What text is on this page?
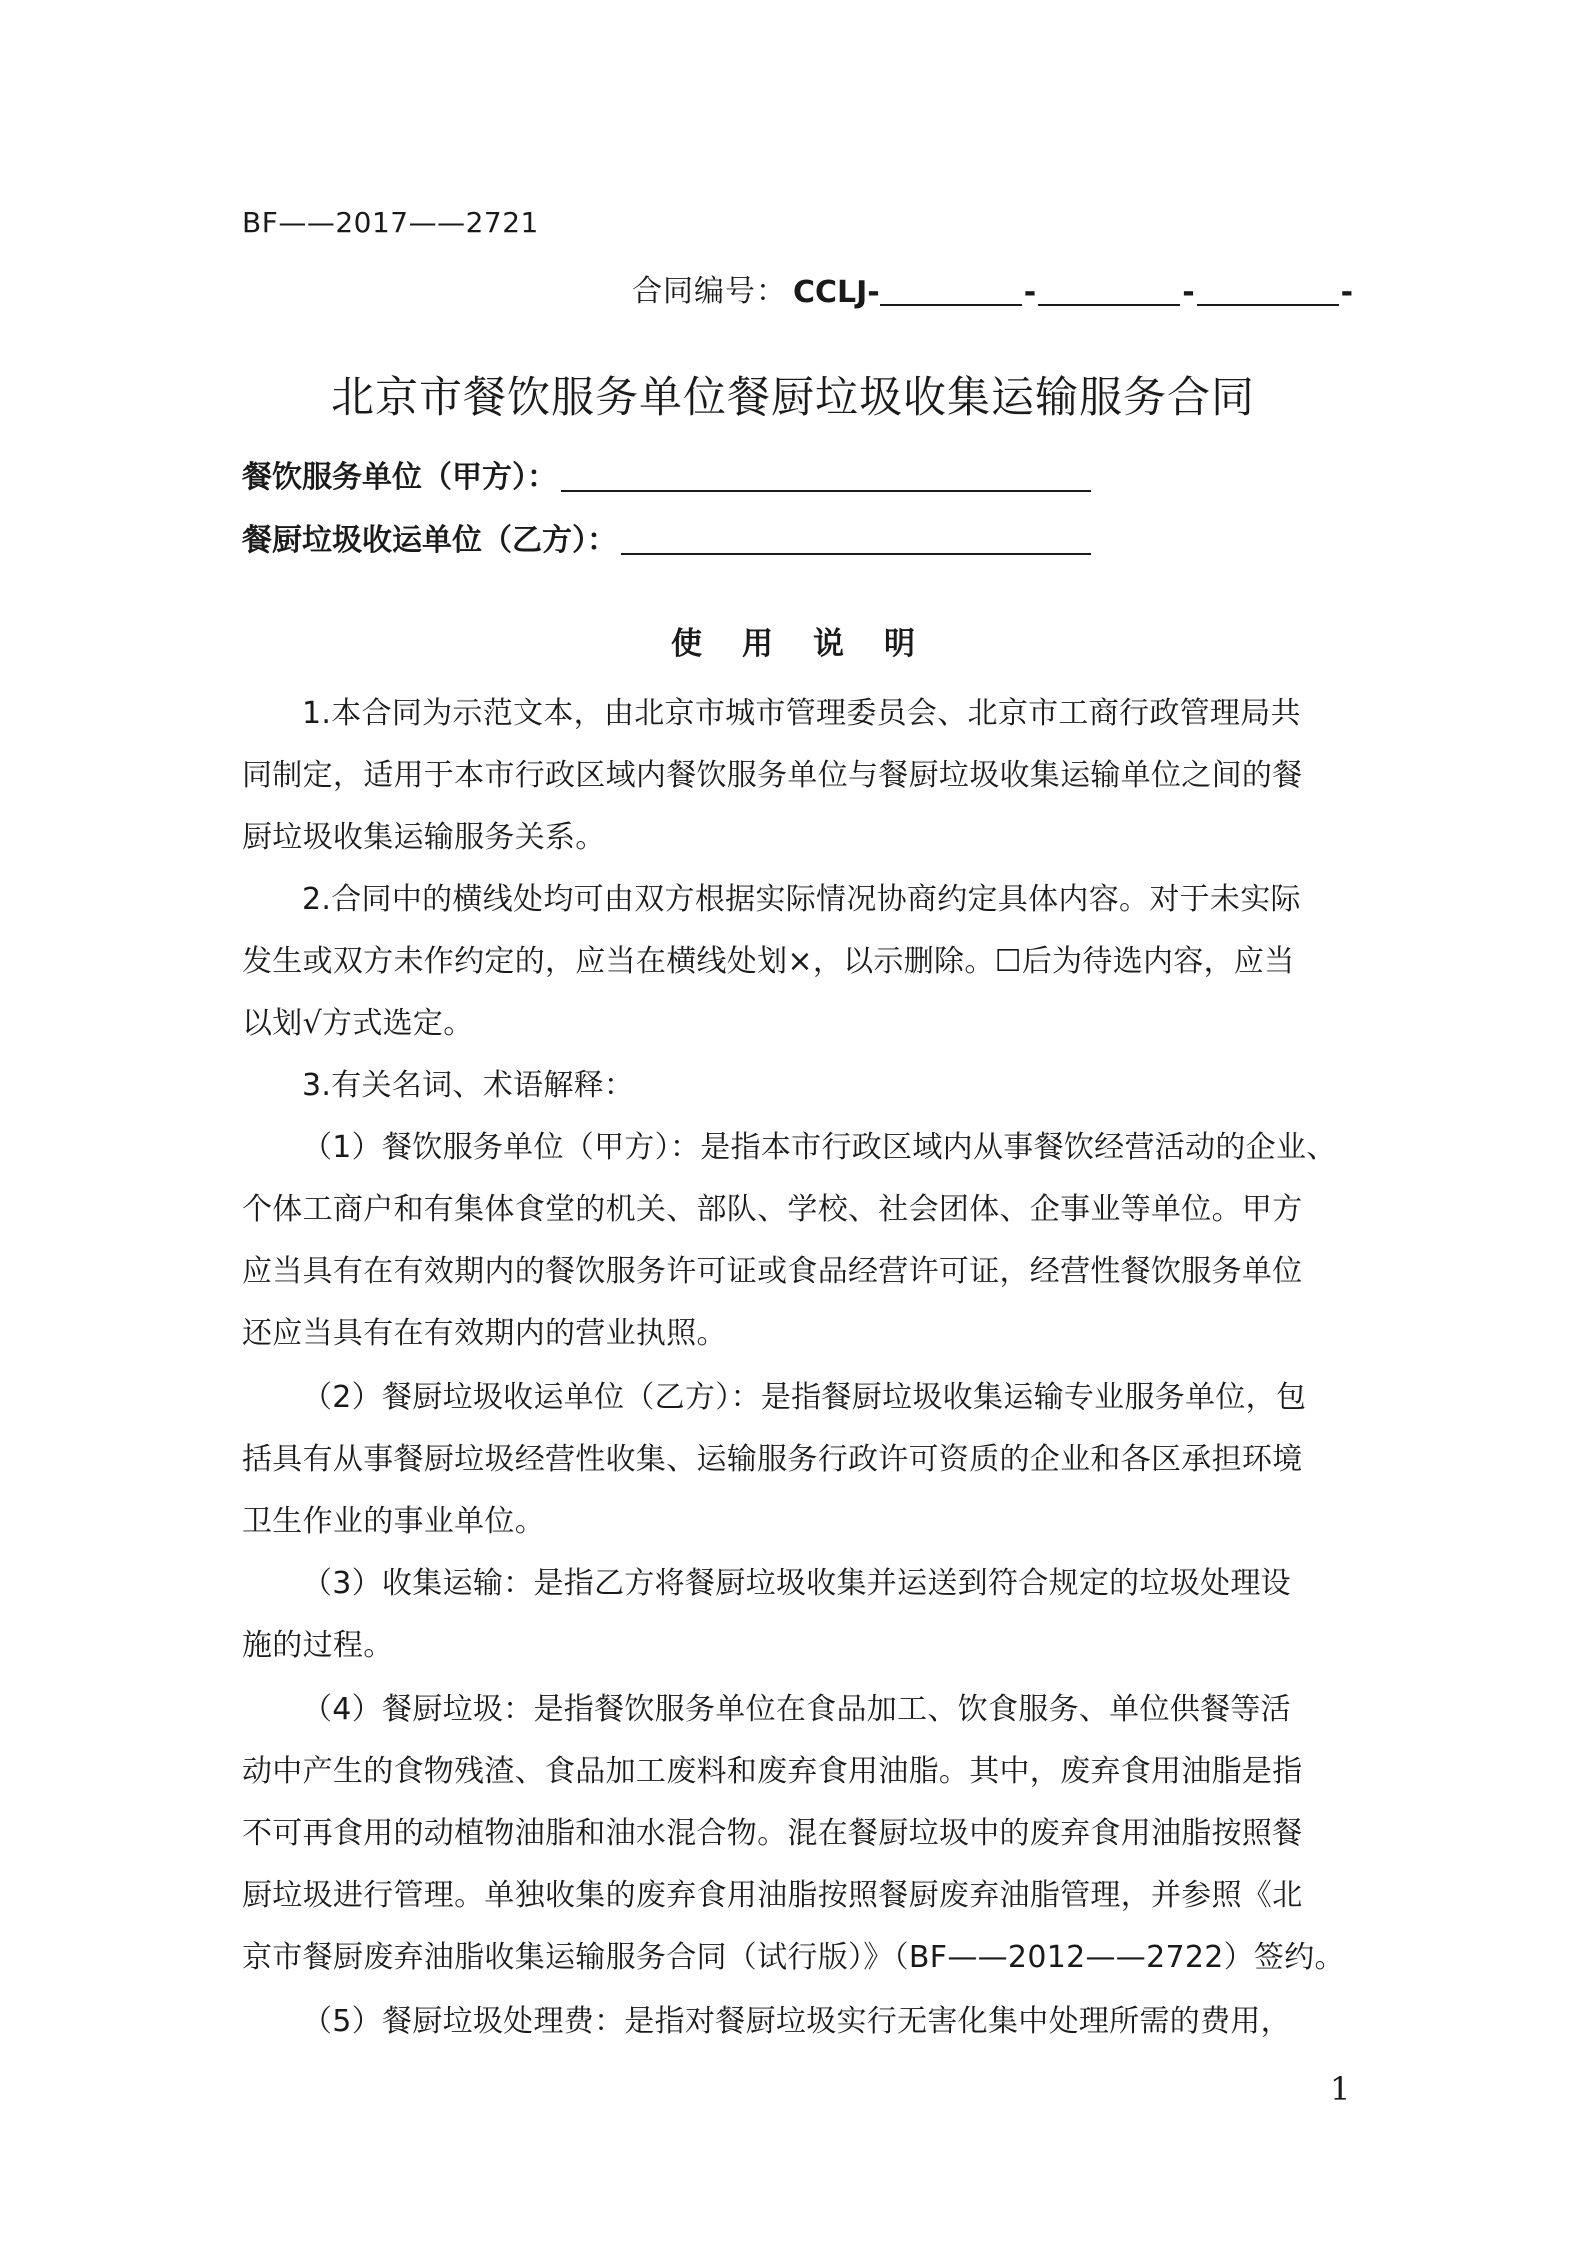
BF——2017——2721
合同编号： CCLJ-	-	-	-
北京市餐饮服务单位餐厨垃圾收集运输服务合同
餐饮服务单位（甲方）：
餐厨垃圾收运单位（乙方）：
使用说明
1.本合同为示范文本，由北京市城市管理委员会、北京市工商行政管理局共
同制定，适用于本市行政区域内餐饮服务单位与餐厨垃圾收集运输单位之间的餐
厨垃圾收集运输服务关系。
2.合同中的横线处均可由双方根据实际情况协商约定具体内容。对于未实际
发生或双方未作约定的，应当在横线处划×，以示删除。☐后为待选内容，应当
以划√方式选定。
3.有关名词、术语解释：
（1）餐饮服务单位（甲方）：是指本市行政区域内从事餐饮经营活动的企业、
个体工商户和有集体食堂的机关、部队、学校、社会团体、企事业等单位。甲方
应当具有在有效期内的餐饮服务许可证或食品经营许可证，经营性餐饮服务单位
还应当具有在有效期内的营业执照。
（2）餐厨垃圾收运单位（乙方）：是指餐厨垃圾收集运输专业服务单位，包
括具有从事餐厨垃圾经营性收集、运输服务行政许可资质的企业和各区承担环境
卫生作业的事业单位。
（3）收集运输：是指乙方将餐厨垃圾收集并运送到符合规定的垃圾处理设
施的过程。
（4）餐厨垃圾：是指餐饮服务单位在食品加工、饮食服务、单位供餐等活
动中产生的食物残渣、食品加工废料和废弃食用油脂。其中，废弃食用油脂是指
不可再食用的动植物油脂和油水混合物。混在餐厨垃圾中的废弃食用油脂按照餐
厨垃圾进行管理。单独收集的废弃食用油脂按照餐厨废弃油脂管理，并参照《北
京市餐厨废弃油脂收集运输服务合同（试行版）》（BF——2012——2722）签约。
（5）餐厨垃圾处理费：是指对餐厨垃圾实行无害化集中处理所需的费用，
1
